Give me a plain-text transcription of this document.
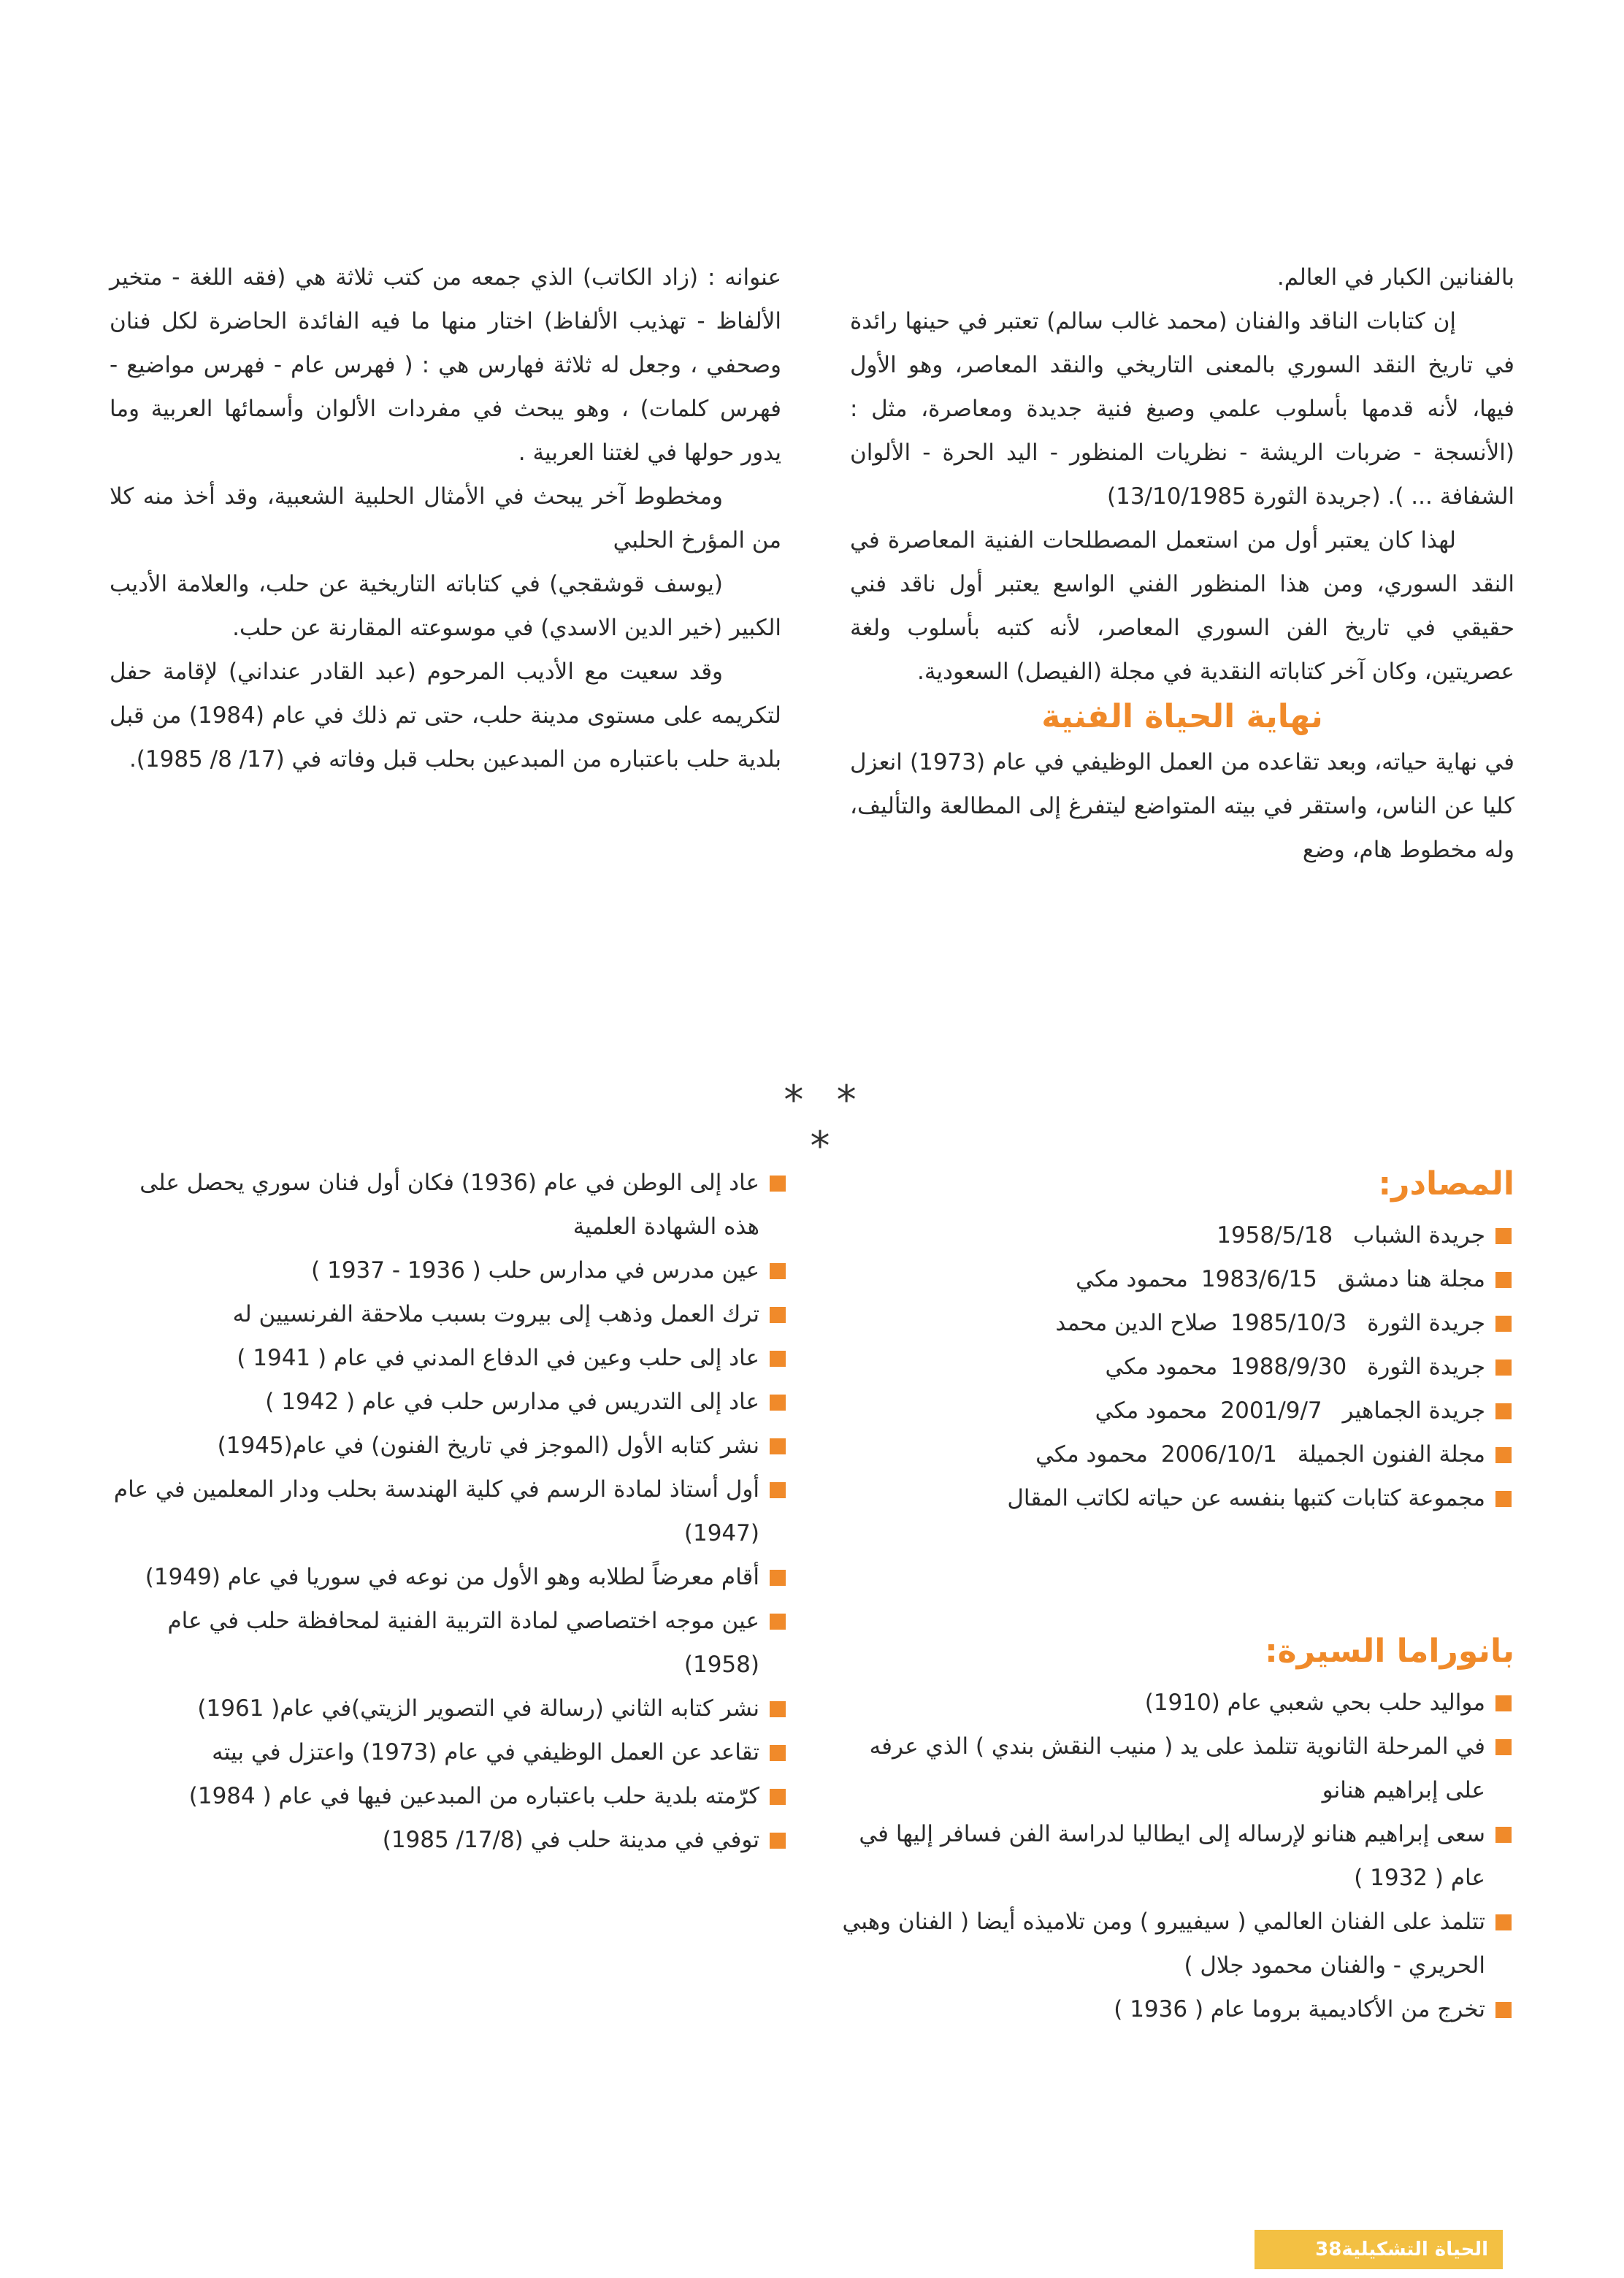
بالفنانين الكبار في العالم.

إن كتابات الناقد والفنان (محمد غالب سالم) تعتبر في حينها رائدة في تاريخ النقد السوري بالمعنى التاريخي والنقد المعاصر، وهو الأول فيها، لأنه قدمها بأسلوب علمي وصيغ فنية جديدة ومعاصرة، مثل : (الأنسجة - ضربات الريشة - نظريات المنظور - اليد الحرة - الألوان الشفافة ... ). (جريدة الثورة 13/10/1985)

لهذا كان يعتبر أول من استعمل المصطلحات الفنية المعاصرة في النقد السوري، ومن هذا المنظور الفني الواسع يعتبر أول ناقد فني حقيقي في تاريخ الفن السوري المعاصر، لأنه كتبه بأسلوب ولغة عصريتين، وكان آخر كتاباته النقدية في مجلة (الفيصل) السعودية.

نهاية الحياة الفنية

في نهاية حياته، وبعد تقاعده من العمل الوظيفي في عام (1973) انعزل كليا عن الناس، واستقر في بيته المتواضع ليتفرغ إلى المطالعة والتأليف، وله مخطوط هام، وضع

عنوانه : (زاد الكاتب) الذي جمعه من كتب ثلاثة هي (فقه اللغة - متخير الألفاظ - تهذيب الألفاظ) اختار منها ما فيه الفائدة الحاضرة لكل فنان وصحفي ، وجعل له ثلاثة فهارس هي : ( فهرس عام - فهرس مواضيع - فهرس كلمات) ، وهو يبحث في مفردات الألوان وأسمائها العربية وما يدور حولها في لغتنا العربية .

ومخطوط آخر يبحث في الأمثال الحلبية الشعبية، وقد أخذ منه كلا من المؤرخ الحلبي

(يوسف قوشقجي) في كتاباته التاريخية عن حلب، والعلامة الأديب الكبير (خير الدين الاسدي) في موسوعته المقارنة عن حلب.

وقد سعيت مع الأديب المرحوم (عبد القادر عنداني) لإقامة حفل لتكريمه على مستوى مدينة حلب، حتى تم ذلك في عام (1984) من قبل بلدية حلب باعتباره من المبدعين بحلب قبل وفاته في (17/ 8/ 1985).

* * *
المصادر:
جريدة الشباب 1958/5/18
مجلة هنا دمشق 1983/6/15محمود مكي
جريدة الثورة 1985/10/3صلاح الدين محمد
جريدة الثورة 1988/9/30محمود مكي
جريدة الجماهير 2001/9/7محمود مكي
مجلة الفنون الجميلة 2006/10/1محمود مكي
مجموعة كتابات كتبها بنفسه عن حياته لكاتب المقال
بانوراما السيرة:
مواليد حلب بحي شعبي عام (1910)
في المرحلة الثانوية تتلمذ على يد ( منيب النقش بندي ) الذي عرفه على إبراهيم هنانو
سعى إبراهيم هنانو لإرساله إلى ايطاليا لدراسة الفن فسافر إليها في عام ( 1932 )
تتلمذ على الفنان العالمي ( سيفييرو ) ومن تلاميذه أيضا ( الفنان وهبي الحريري - والفنان محمود جلال )
تخرج من الأكاديمية بروما عام ( 1936 )
عاد إلى الوطن في عام (1936) فكان أول فنان سوري يحصل على هذه الشهادة العلمية
عين مدرس في مدارس حلب ( 1936 - 1937 )
ترك العمل وذهب إلى بيروت بسبب ملاحقة الفرنسيين له
عاد إلى حلب وعين في الدفاع المدني في عام ( 1941 )
عاد إلى التدريس في مدارس حلب في عام ( 1942 )
نشر كتابه الأول (الموجز في تاريخ الفنون) في عام(1945)
أول أستاذ لمادة الرسم في كلية الهندسة بحلب ودار المعلمين في عام (1947)
أقام معرضاً لطلابه وهو الأول من نوعه في سوريا في عام (1949)
عين موجه اختصاصي لمادة التربية الفنية لمحافظة حلب في عام (1958)
نشر كتابه الثاني (رسالة في التصوير الزيتي)في عام( 1961)
تقاعد عن العمل الوظيفي في عام (1973) واعتزل في بيته
كرّمته بلدية حلب باعتباره من المبدعين فيها في عام ( 1984)
توفي في مدينة حلب في (17/8/ 1985)
الحياة التشكيلية
38
